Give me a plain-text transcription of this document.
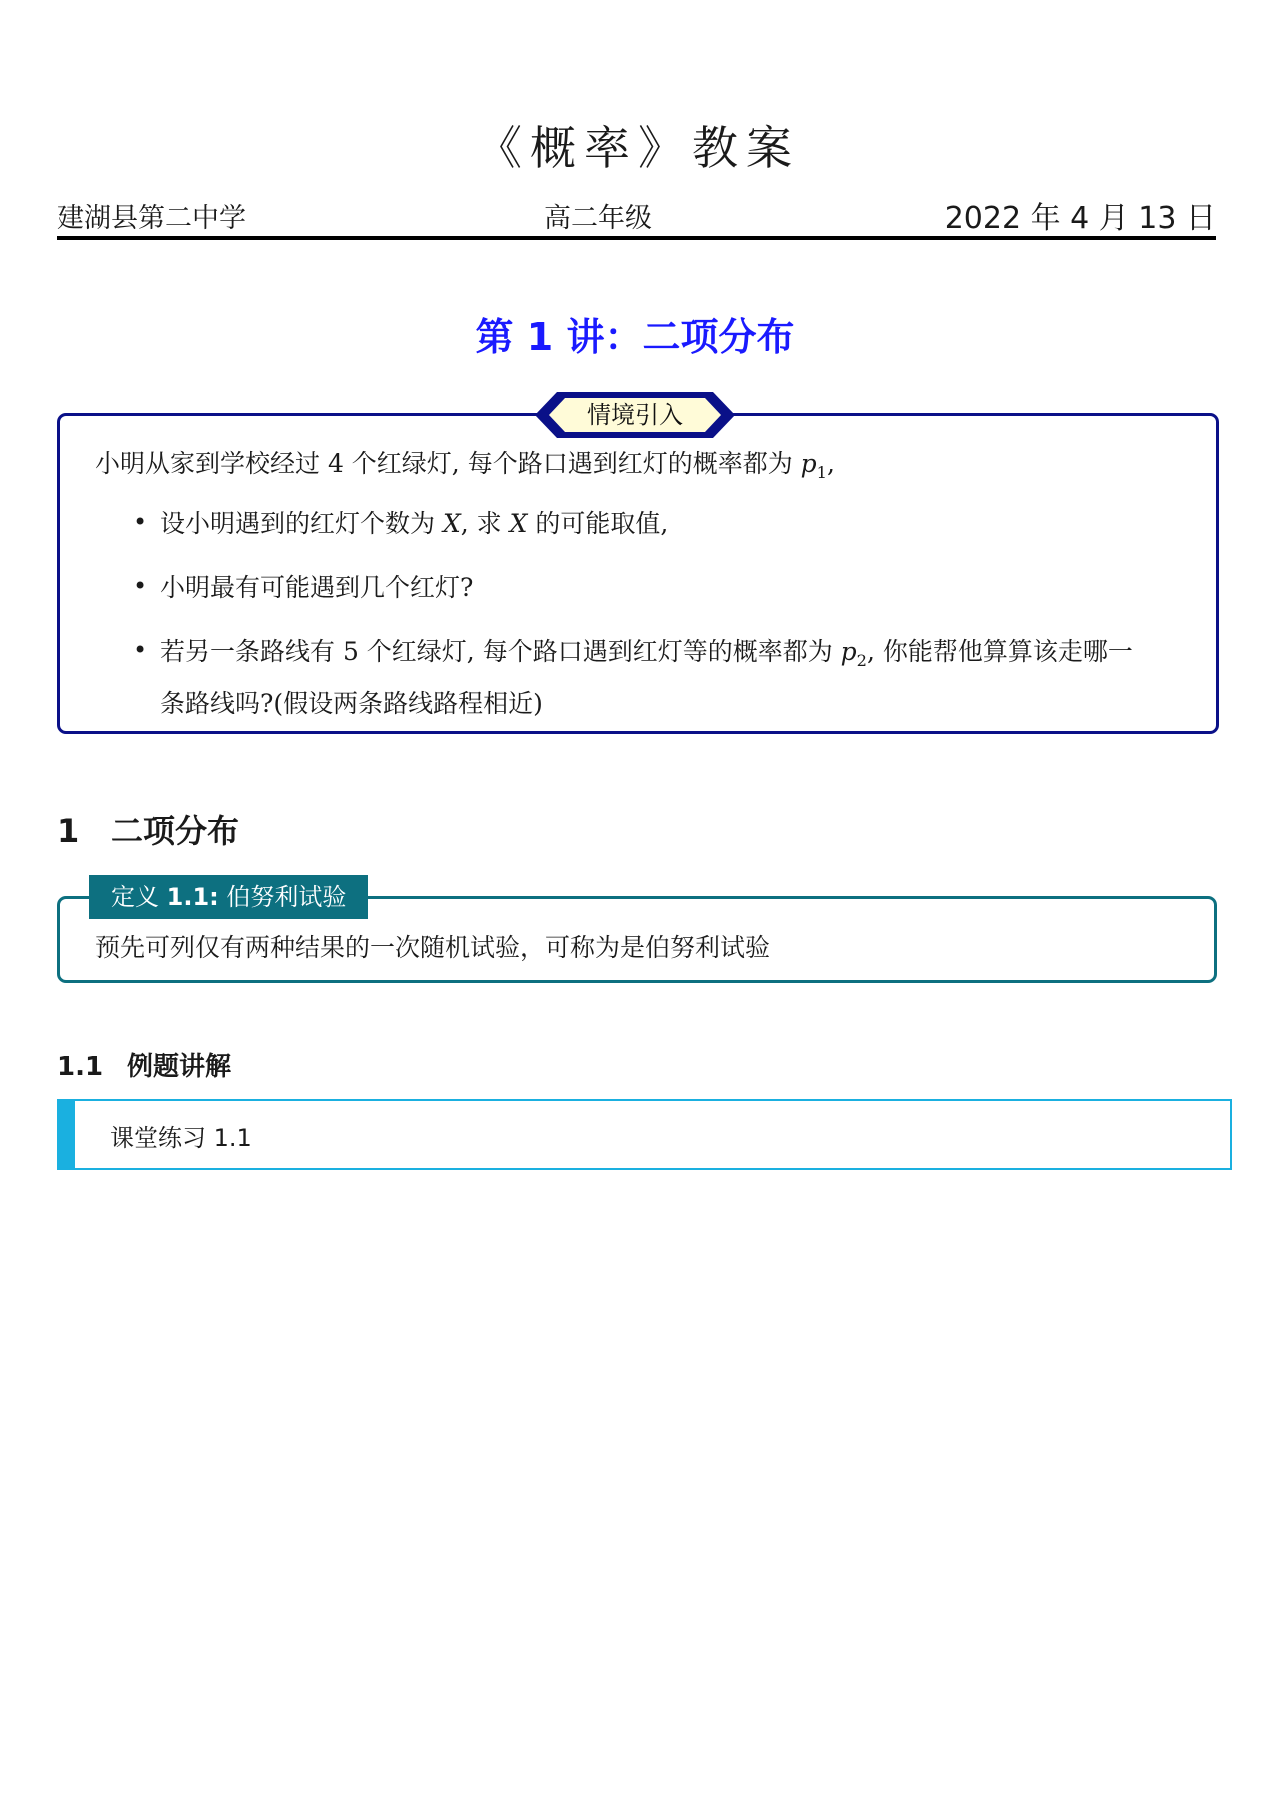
《概率》教案
建湖县第二中学	高二年级	2022 年 4 月 13 日
第 1 讲：二项分布
情境引入
小明从家到学校经过 4 个红绿灯, 每个路口遇到红灯的概率都为 $p_1$,
• 设小明遇到的红灯个数为 X, 求 X 的可能取值,
• 小明最有可能遇到几个红灯?
• 若另一条路线有 5 个红绿灯, 每个路口遇到红灯等的概率都为 $p_2$, 你能帮他算算该走哪一
条路线吗?(假设两条路线路程相近)
1 二项分布
定义 1.1: 伯努利试验
预先可列仅有两种结果的一次随机试验，可称为是伯努利试验
1.1 例题讲解
课堂练习 1.1
